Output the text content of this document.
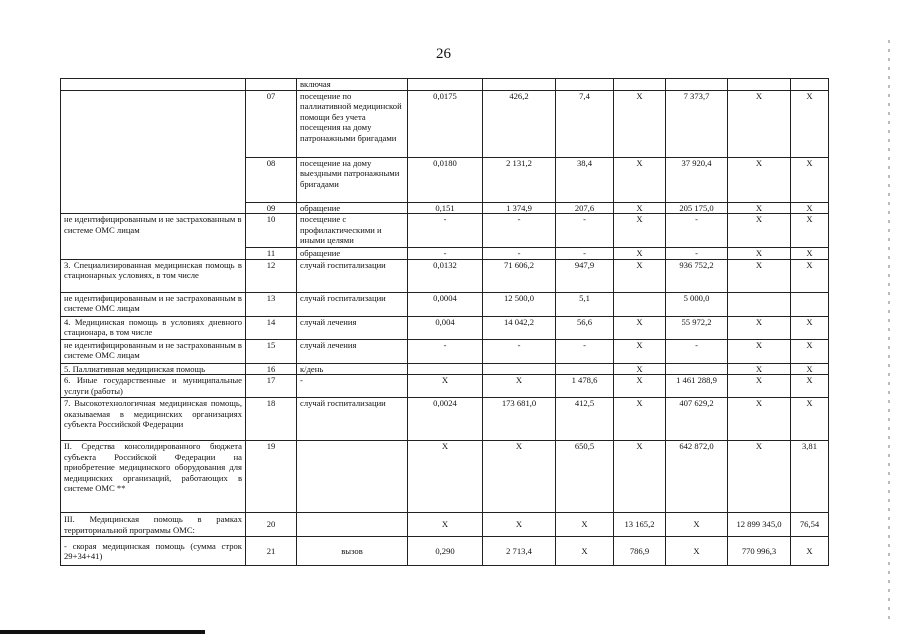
26
		включая							
	07	посещение по паллиативной медицинской помощи без учета посещения на дому патронажными бригадами	0,0175	426,2	7,4	X	7 373,7	X	X
	08	посещение на дому выездными патронажными бригадами	0,0180	2 131,2	38,4	X	37 920,4	X	X
	09	обращение	0,151	1 374,9	207,6	X	205 175,0	X	X
не идентифицированным и не застрахованным в системе ОМС лицам	10	посещение с профилактическими и иными целями	-	-	-	X	-	X	X
	11	обращение	-	-	-	X	-	X	X
3. Специализированная медицинская помощь в стационарных условиях, в том числе	12	случай госпитализации	0,0132	71 606,2	947,9	X	936 752,2	X	X
не идентифицированным и не застрахованным в системе ОМС лицам	13	случай госпитализации	0,0004	12 500,0	5,1		5 000,0		
4. Медицинская помощь в условиях дневного стационара, в том числе	14	случай лечения	0,004	14 042,2	56,6	X	55 972,2	X	X
не идентифицированным и не застрахованным в системе ОМС лицам	15	случай лечения	-	-	-	X	-	X	X
5. Паллиативная медицинская помощь	16	к/день				X		X	X
6. Иные государственные и муниципальные услуги (работы)	17	-	X	X	1 478,6	X	1 461 288,9	X	X
7. Высокотехнологичная медицинская помощь, оказываемая в медицинских организациях субъекта Российской Федерации	18	случай госпитализации	0,0024	173 681,0	412,5	X	407 629,2	X	X
II. Средства консолидированного бюджета субъекта Российской Федерации на приобретение медицинского оборудования для медицинских организаций, работающих в системе ОМС **	19		X	X	650,5	X	642 872,0	X	3,81
III. Медицинская помощь в рамках территориальной программы ОМС:	20		X	X	X	13 165,2	X	12 899 345,0	76,54
- скорая медицинская помощь (сумма строк 29+34+41)	21	вызов	0,290	2 713,4	X	786,9	X	770 996,3	X
